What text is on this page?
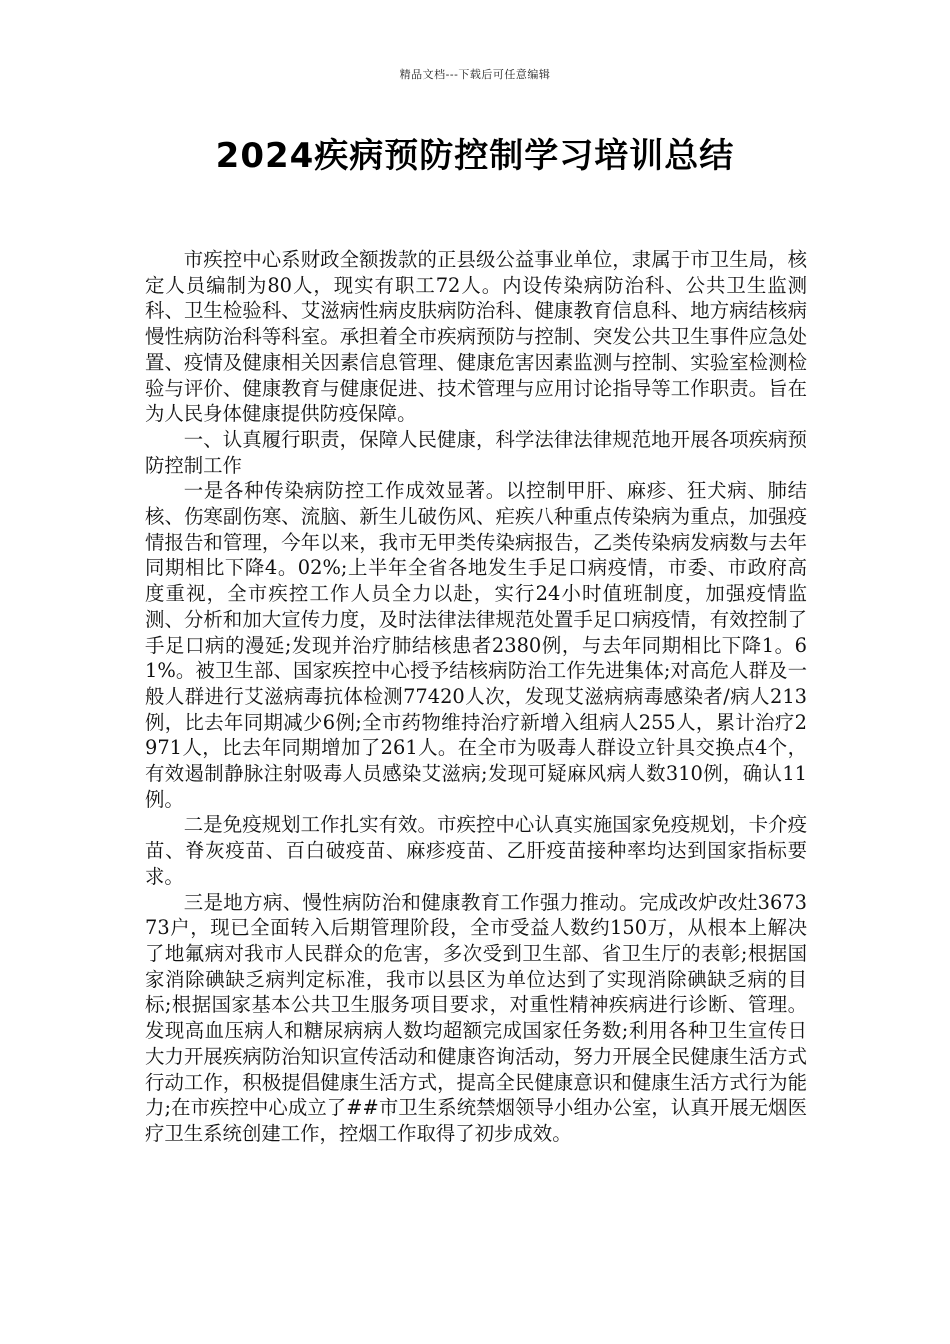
精品文档---下载后可任意编辑
2024疾病预防控制学习培训总结

市疾控中心系财政全额拨款的正县级公益事业单位，隶属于市卫生局，核定人员编制为80人，现实有职工72人。内设传染病防治科、公共卫生监测科、卫生检验科、艾滋病性病皮肤病防治科、健康教育信息科、地方病结核病慢性病防治科等科室。承担着全市疾病预防与控制、突发公共卫生事件应急处置、疫情及健康相关因素信息管理、健康危害因素监测与控制、实验室检测检验与评价、健康教育与健康促进、技术管理与应用讨论指导等工作职责。旨在为人民身体健康提供防疫保障。

一、认真履行职责，保障人民健康，科学法律法律规范地开展各项疾病预防控制工作

一是各种传染病防控工作成效显著。以控制甲肝、麻疹、狂犬病、肺结核、伤寒副伤寒、流脑、新生儿破伤风、疟疾八种重点传染病为重点，加强疫情报告和管理，今年以来，我市无甲类传染病报告，乙类传染病发病数与去年同期相比下降4。02%;上半年全省各地发生手足口病疫情，市委、市政府高度重视，全市疾控工作人员全力以赴，实行24小时值班制度，加强疫情监测、分析和加大宣传力度，及时法律法律规范处置手足口病疫情，有效控制了手足口病的漫延;发现并治疗肺结核患者2380例，与去年同期相比下降1。61%。被卫生部、国家疾控中心授予结核病防治工作先进集体;对高危人群及一般人群进行艾滋病毒抗体检测77420人次，发现艾滋病病毒感染者/病人213例，比去年同期减少6例;全市药物维持治疗新增入组病人255人，累计治疗2971人，比去年同期增加了261人。在全市为吸毒人群设立针具交换点4个，有效遏制静脉注射吸毒人员感染艾滋病;发现可疑麻风病人数310例，确认11例。

二是免疫规划工作扎实有效。市疾控中心认真实施国家免疫规划，卡介疫苗、脊灰疫苗、百白破疫苗、麻疹疫苗、乙肝疫苗接种率均达到国家指标要求。

三是地方病、慢性病防治和健康教育工作强力推动。完成改炉改灶367373户，现已全面转入后期管理阶段，全市受益人数约150万，从根本上解决了地氟病对我市人民群众的危害，多次受到卫生部、省卫生厅的表彰;根据国家消除碘缺乏病判定标准，我市以县区为单位达到了实现消除碘缺乏病的目标;根据国家基本公共卫生服务项目要求，对重性精神疾病进行诊断、管理。发现高血压病人和糖尿病病人数均超额完成国家任务数;利用各种卫生宣传日大力开展疾病防治知识宣传活动和健康咨询活动，努力开展全民健康生活方式行动工作，积极提倡健康生活方式，提高全民健康意识和健康生活方式行为能力;在市疾控中心成立了##市卫生系统禁烟领导小组办公室，认真开展无烟医疗卫生系统创建工作，控烟工作取得了初步成效。
